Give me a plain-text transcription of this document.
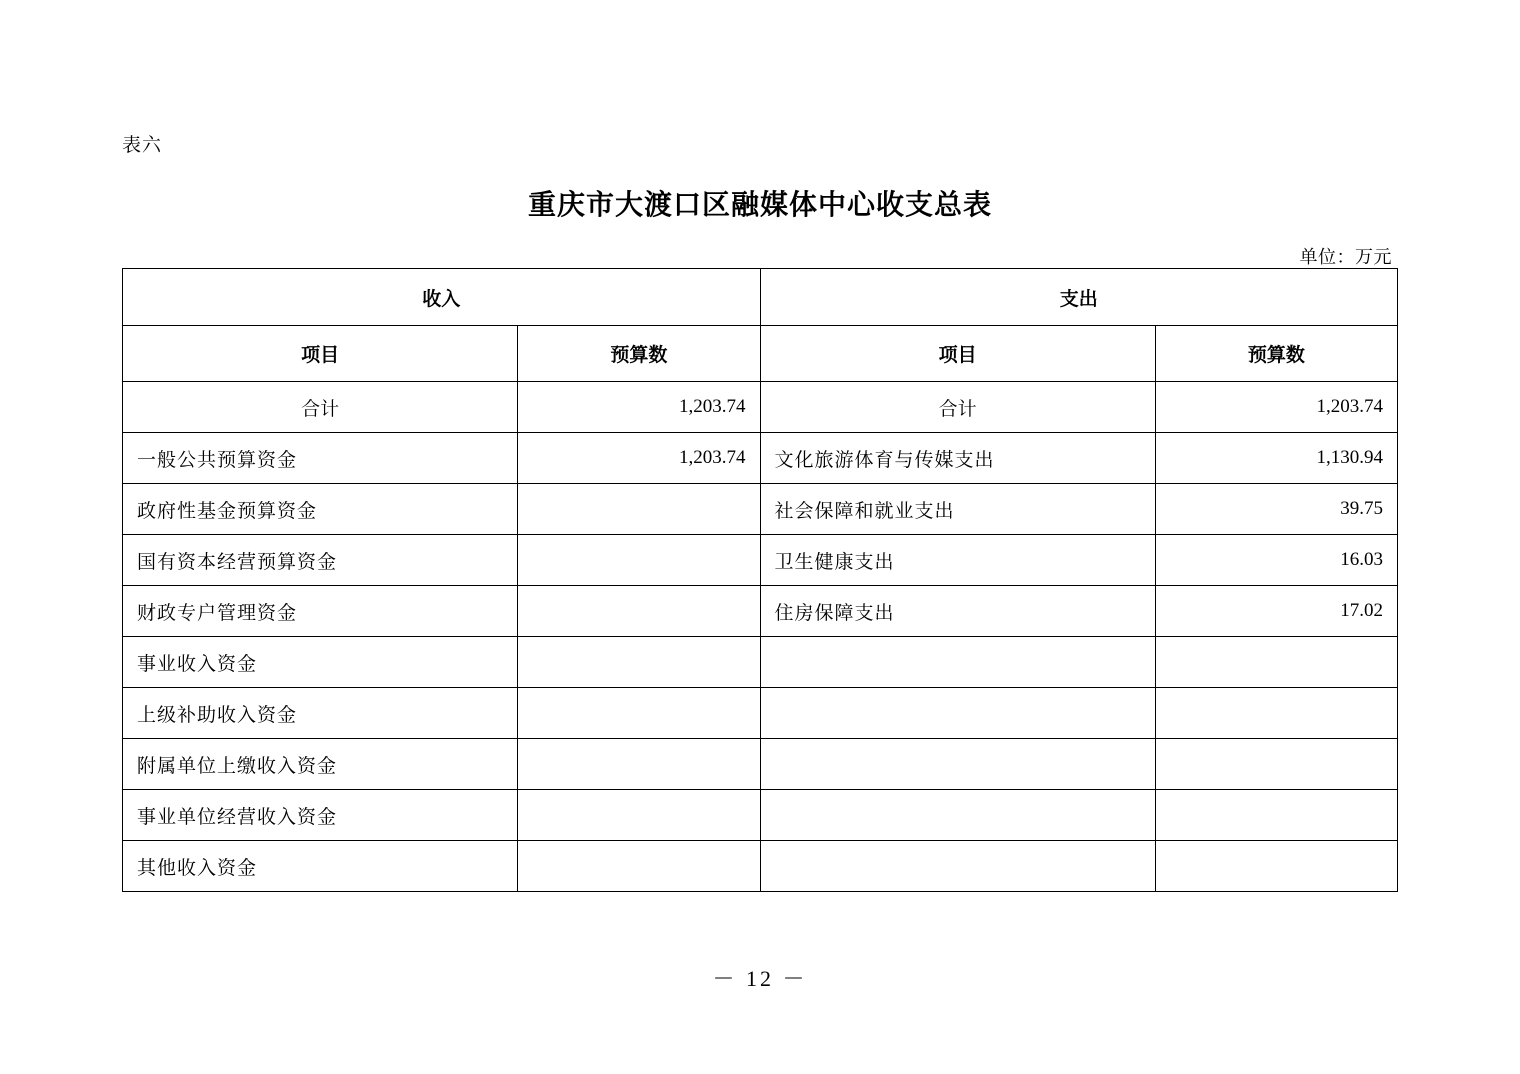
表六
重庆市大渡口区融媒体中心收支总表
单位：万元
收入		支出	
项目	预算数	项目	预算数
合计	1,203.74	合计	1,203.74
一般公共预算资金	1,203.74	文化旅游体育与传媒支出	1,130.94
政府性基金预算资金		社会保障和就业支出	39.75
国有资本经营预算资金		卫生健康支出	16.03
财政专户管理资金		住房保障支出	17.02
事业收入资金			
上级补助收入资金			
附属单位上缴收入资金			
事业单位经营收入资金			
其他收入资金			
－ 12 －
